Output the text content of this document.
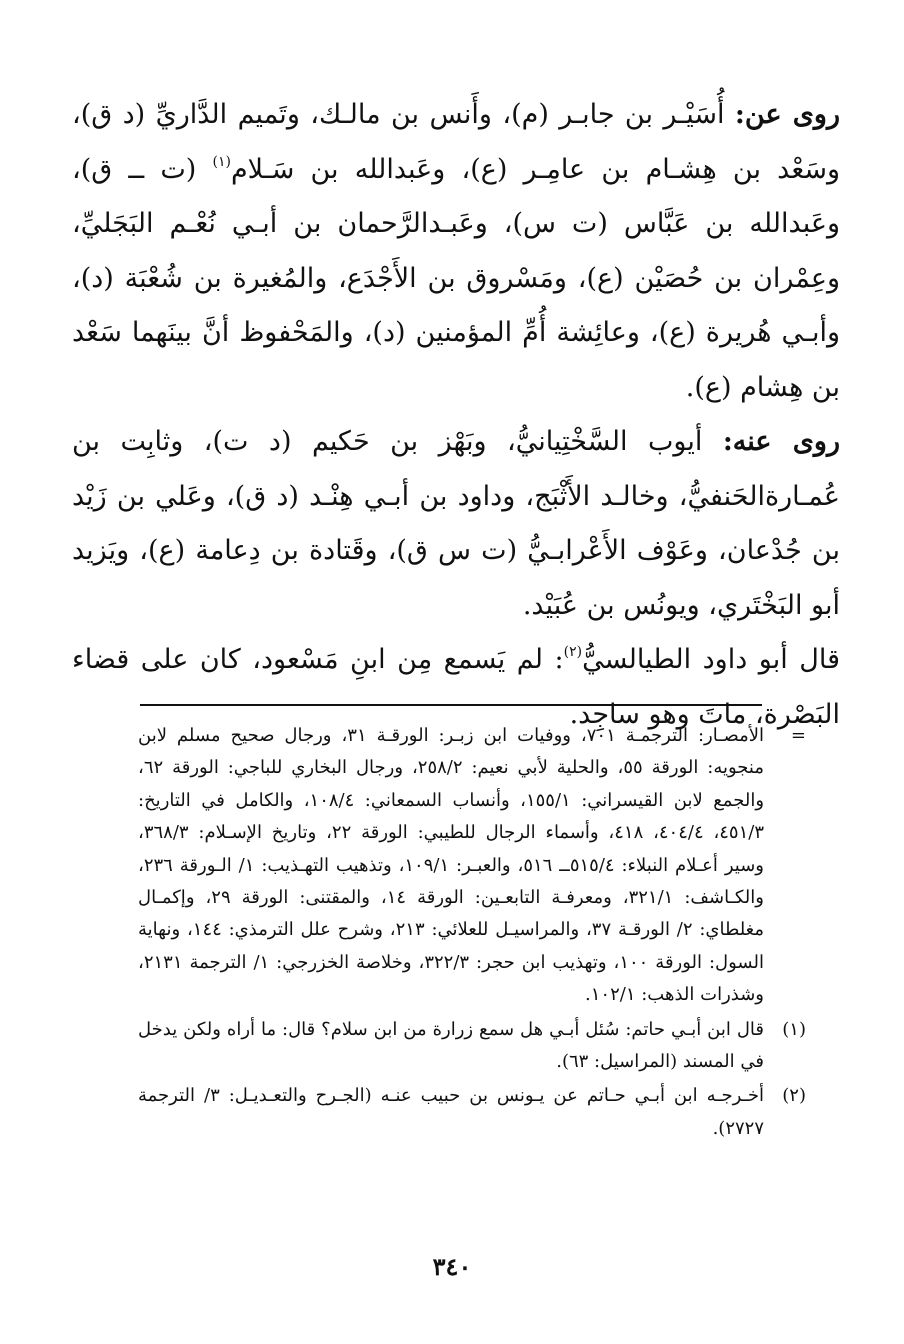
روى عن: أُسَيْـر بن جابـر (م)، وأَنس بن مالـك، وتَميم الدَّاريِّ (د ق)، وسَعْد بن هِشـام بن عامِـر (ع)، وعَبدالله بن سَـلام$^{(١)}$ (ت ــ ق)، وعَبدالله بن عَبَّاس (ت س)، وعَبـدالرَّحمان بن أبـي نُعْـم البَجَليِّ، وعِمْران بن حُصَيْن (ع)، ومَسْروق بن الأَجْدَع، والمُغيرة بن شُعْبَة (د)، وأبـي هُريرة (ع)، وعائِشة أُمِّ المؤمنين (د)، والمَحْفوظ أنَّ بينَهما سَعْد بن هِشام (ع).

روى عنه: أيوب السَّخْتِيانيُّ، وبَهْز بن حَكيم (د ت)، وثابِت بن عُمـارةالحَنفيُّ، وخالـد الأَثْبَج، وداود بن أبـي هِنْـد (د ق)، وعَلي بن زَيْد بن جُدْعان، وعَوْف الأَعْرابـيُّ (ت س ق)، وقَتادة بن دِعامة (ع)، ويَزيد أبو البَخْتَري، ويونُس بن عُبَيْد.

قال أبو داود الطيالسيُّ$^{(٢)}$: لم يَسمع مِن ابنِ مَسْعود، كان على قضاء البَصْرة، ماتَ وهو ساجِد.

=
الأمصـار: الترجمـة ٧٠١، ووفيات ابن زبـر: الورقـة ٣١، ورجال صحيح مسلم لابن منجويه: الورقة ٥٥، والحلية لأبي نعيم: ٢٥٨/٢، ورجال البخاري للباجي: الورقة ٦٢، والجمع لابن القيسراني: ١٥٥/١، وأنساب السمعاني: ١٠٨/٤، والكامل في التاريخ: ٤٥١/٣، ٤٠٤/٤، ٤١٨، وأسماء الرجال للطيبي: الورقة ٢٢، وتاريخ الإسـلام: ٣٦٨/٣، وسير أعـلام النبلاء: ٥١٥/٤ــ ٥١٦، والعبـر: ١٠٩/١، وتذهيب التهـذيب: ١/ الـورقة ٢٣٦، والكـاشف: ٣٢١/١، ومعرفـة التابعـين: الورقة ١٤، والمقتنى: الورقة ٢٩، وإكمـال مغلطاي: ٢/ الورقـة ٣٧، والمراسيـل للعلائي: ٢١٣، وشرح علل الترمذي: ١٤٤، ونهاية السول: الورقة ١٠٠، وتهذيب ابن حجر: ٣٢٢/٣، وخلاصة الخزرجي: ١/ الترجمة ٢١٣١، وشذرات الذهب: ١٠٢/١.

(١)
قال ابن أبـي حاتم: سُئل أبـي هل سمع زرارة من ابن سلام؟ قال: ما أراه ولكن يدخل في المسند (المراسيل: ٦٣).

(٢)
أخـرجـه ابن أبـي حـاتم عن يـونس بن حبيب عنـه (الجـرح والتعـديـل: ٣/ الترجمة ٢٧٢٧).

٣٤٠
